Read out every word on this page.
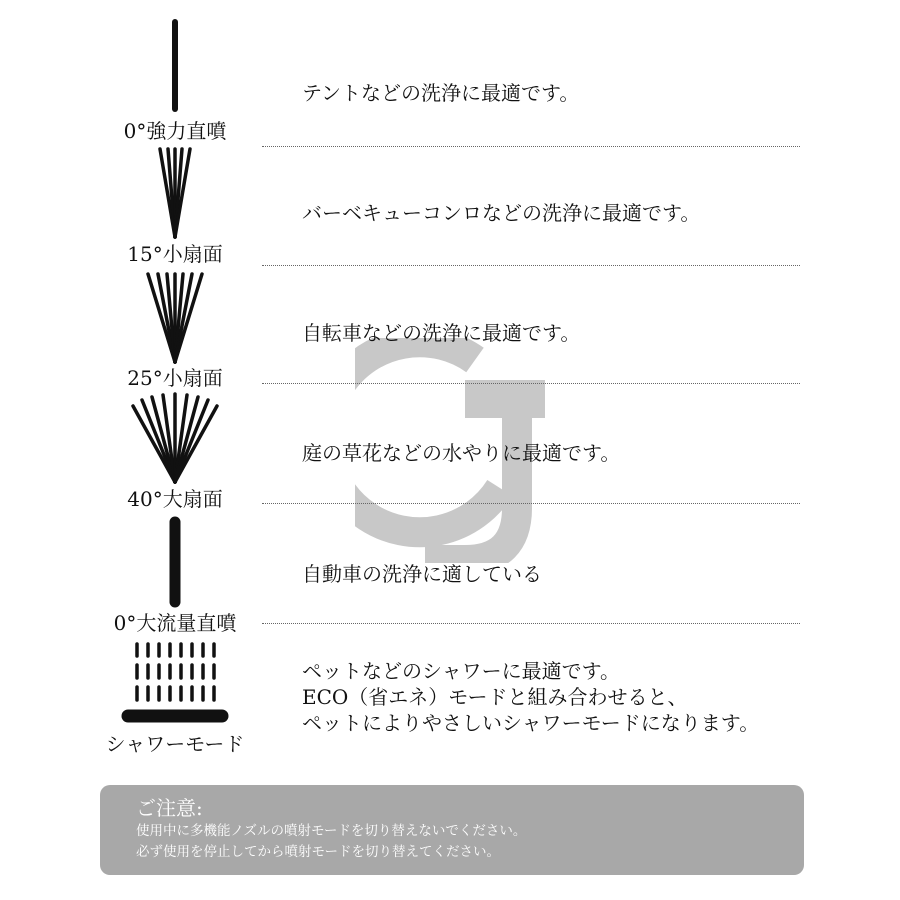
0°強力直噴
テントなどの洗浄に最適です。
15°小扇面
バーベキューコンロなどの洗浄に最適です。
25°小扇面
自転車などの洗浄に最適です。
40°大扇面
庭の草花などの水やりに最適です。
0°大流量直噴
自動車の洗浄に適している
シャワーモード
ペットなどのシャワーに最適です。
ECO（省エネ）モードと組み合わせると、
ペットによりやさしいシャワーモードになります。
ご注意:
使用中に多機能ノズルの噴射モードを切り替えないでください。
必ず使用を停止してから噴射モードを切り替えてください。
